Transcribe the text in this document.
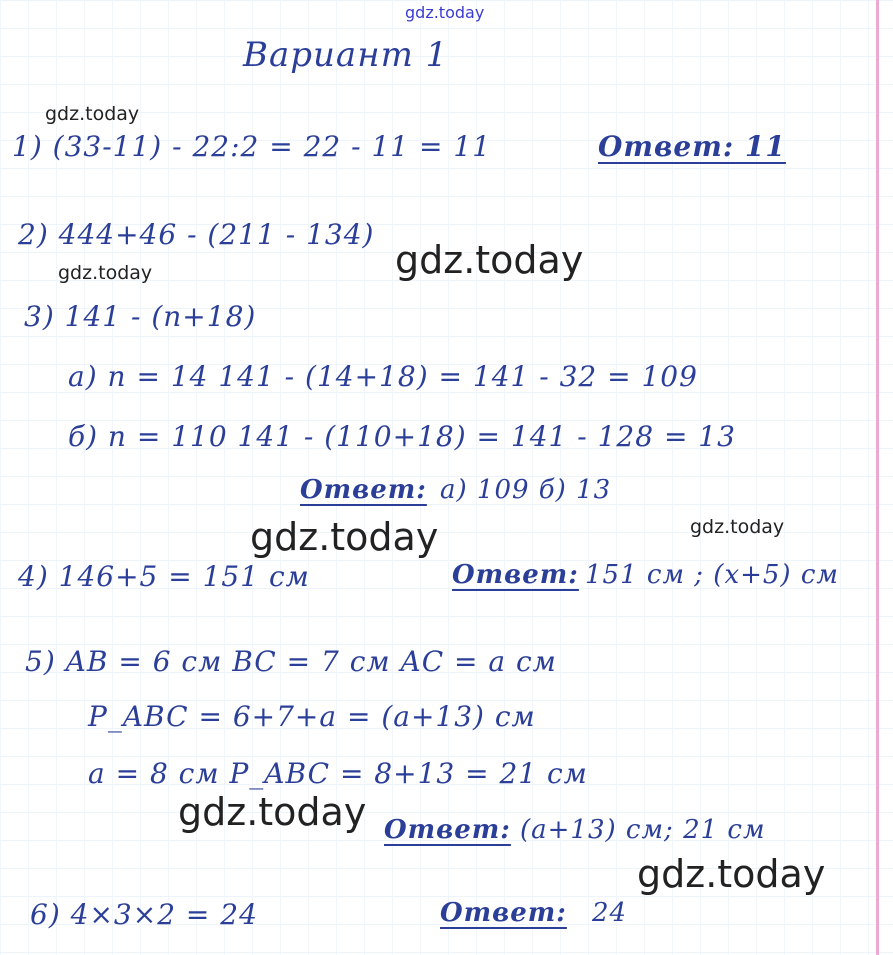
gdz.today
gdz.today
gdz.today	gdz.today
gdz.today	gdz.today
gdz.today
gdz.today
Вариант 1
1) (33-11) - 22:2 = 22 - 11 = 11	Ответ: 11
2) 444+46 - (211 - 134)
3) 141 - (n+18)
а) n = 14 141 - (14+18) = 141 - 32 = 109
б) n = 110 141 - (110+18) = 141 - 128 = 13
Ответ: а) 109 б) 13
4) 146+5 = 151 см	Ответ: 151 см ; (x+5) см
5) AB = 6 см BC = 7 см AC = a см
P_ABC = 6+7+a = (a+13) см
a = 8 см P_ABC = 8+13 = 21 см
Ответ: (a+13) см; 21 см
6) 4×3×2 = 24	Ответ: 24
